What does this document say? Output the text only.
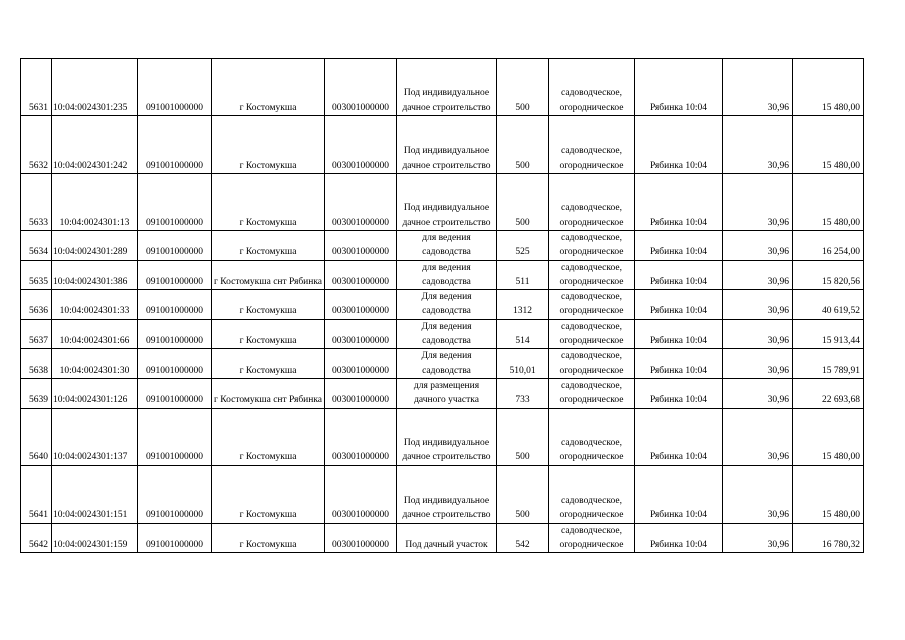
5631	10:04:0024301:235	091001000000	г Костомукша	003001000000	Под индивидуальное дачное строительство	500	садоводческое, огородническое	Рябинка 10:04	30,96	15 480,00
5632	10:04:0024301:242	091001000000	г Костомукша	003001000000	Под индивидуальное дачное строительство	500	садоводческое, огородническое	Рябинка 10:04	30,96	15 480,00
5633	10:04:0024301:13	091001000000	г Костомукша	003001000000	Под индивидуальное дачное строительство	500	садоводческое, огородническое	Рябинка 10:04	30,96	15 480,00
5634	10:04:0024301:289	091001000000	г Костомукша	003001000000	для ведения садоводства	525	садоводческое, огородническое	Рябинка 10:04	30,96	16 254,00
5635	10:04:0024301:386	091001000000	г Костомукша снт Рябинка	003001000000	для ведения садоводства	511	садоводческое, огородническое	Рябинка 10:04	30,96	15 820,56
5636	10:04:0024301:33	091001000000	г Костомукша	003001000000	Для ведения садоводства	1312	садоводческое, огородническое	Рябинка 10:04	30,96	40 619,52
5637	10:04:0024301:66	091001000000	г Костомукша	003001000000	Для ведения садоводства	514	садоводческое, огородническое	Рябинка 10:04	30,96	15 913,44
5638	10:04:0024301:30	091001000000	г Костомукша	003001000000	Для ведения садоводства	510,01	садоводческое, огородническое	Рябинка 10:04	30,96	15 789,91
5639	10:04:0024301:126	091001000000	г Костомукша снт Рябинка	003001000000	для размещения дачного участка	733	садоводческое, огородническое	Рябинка 10:04	30,96	22 693,68
5640	10:04:0024301:137	091001000000	г Костомукша	003001000000	Под индивидуальное дачное строительство	500	садоводческое, огородническое	Рябинка 10:04	30,96	15 480,00
5641	10:04:0024301:151	091001000000	г Костомукша	003001000000	Под индивидуальное дачное строительство	500	садоводческое, огородническое	Рябинка 10:04	30,96	15 480,00
5642	10:04:0024301:159	091001000000	г Костомукша	003001000000	Под дачный участок	542	садоводческое, огородническое	Рябинка 10:04	30,96	16 780,32
